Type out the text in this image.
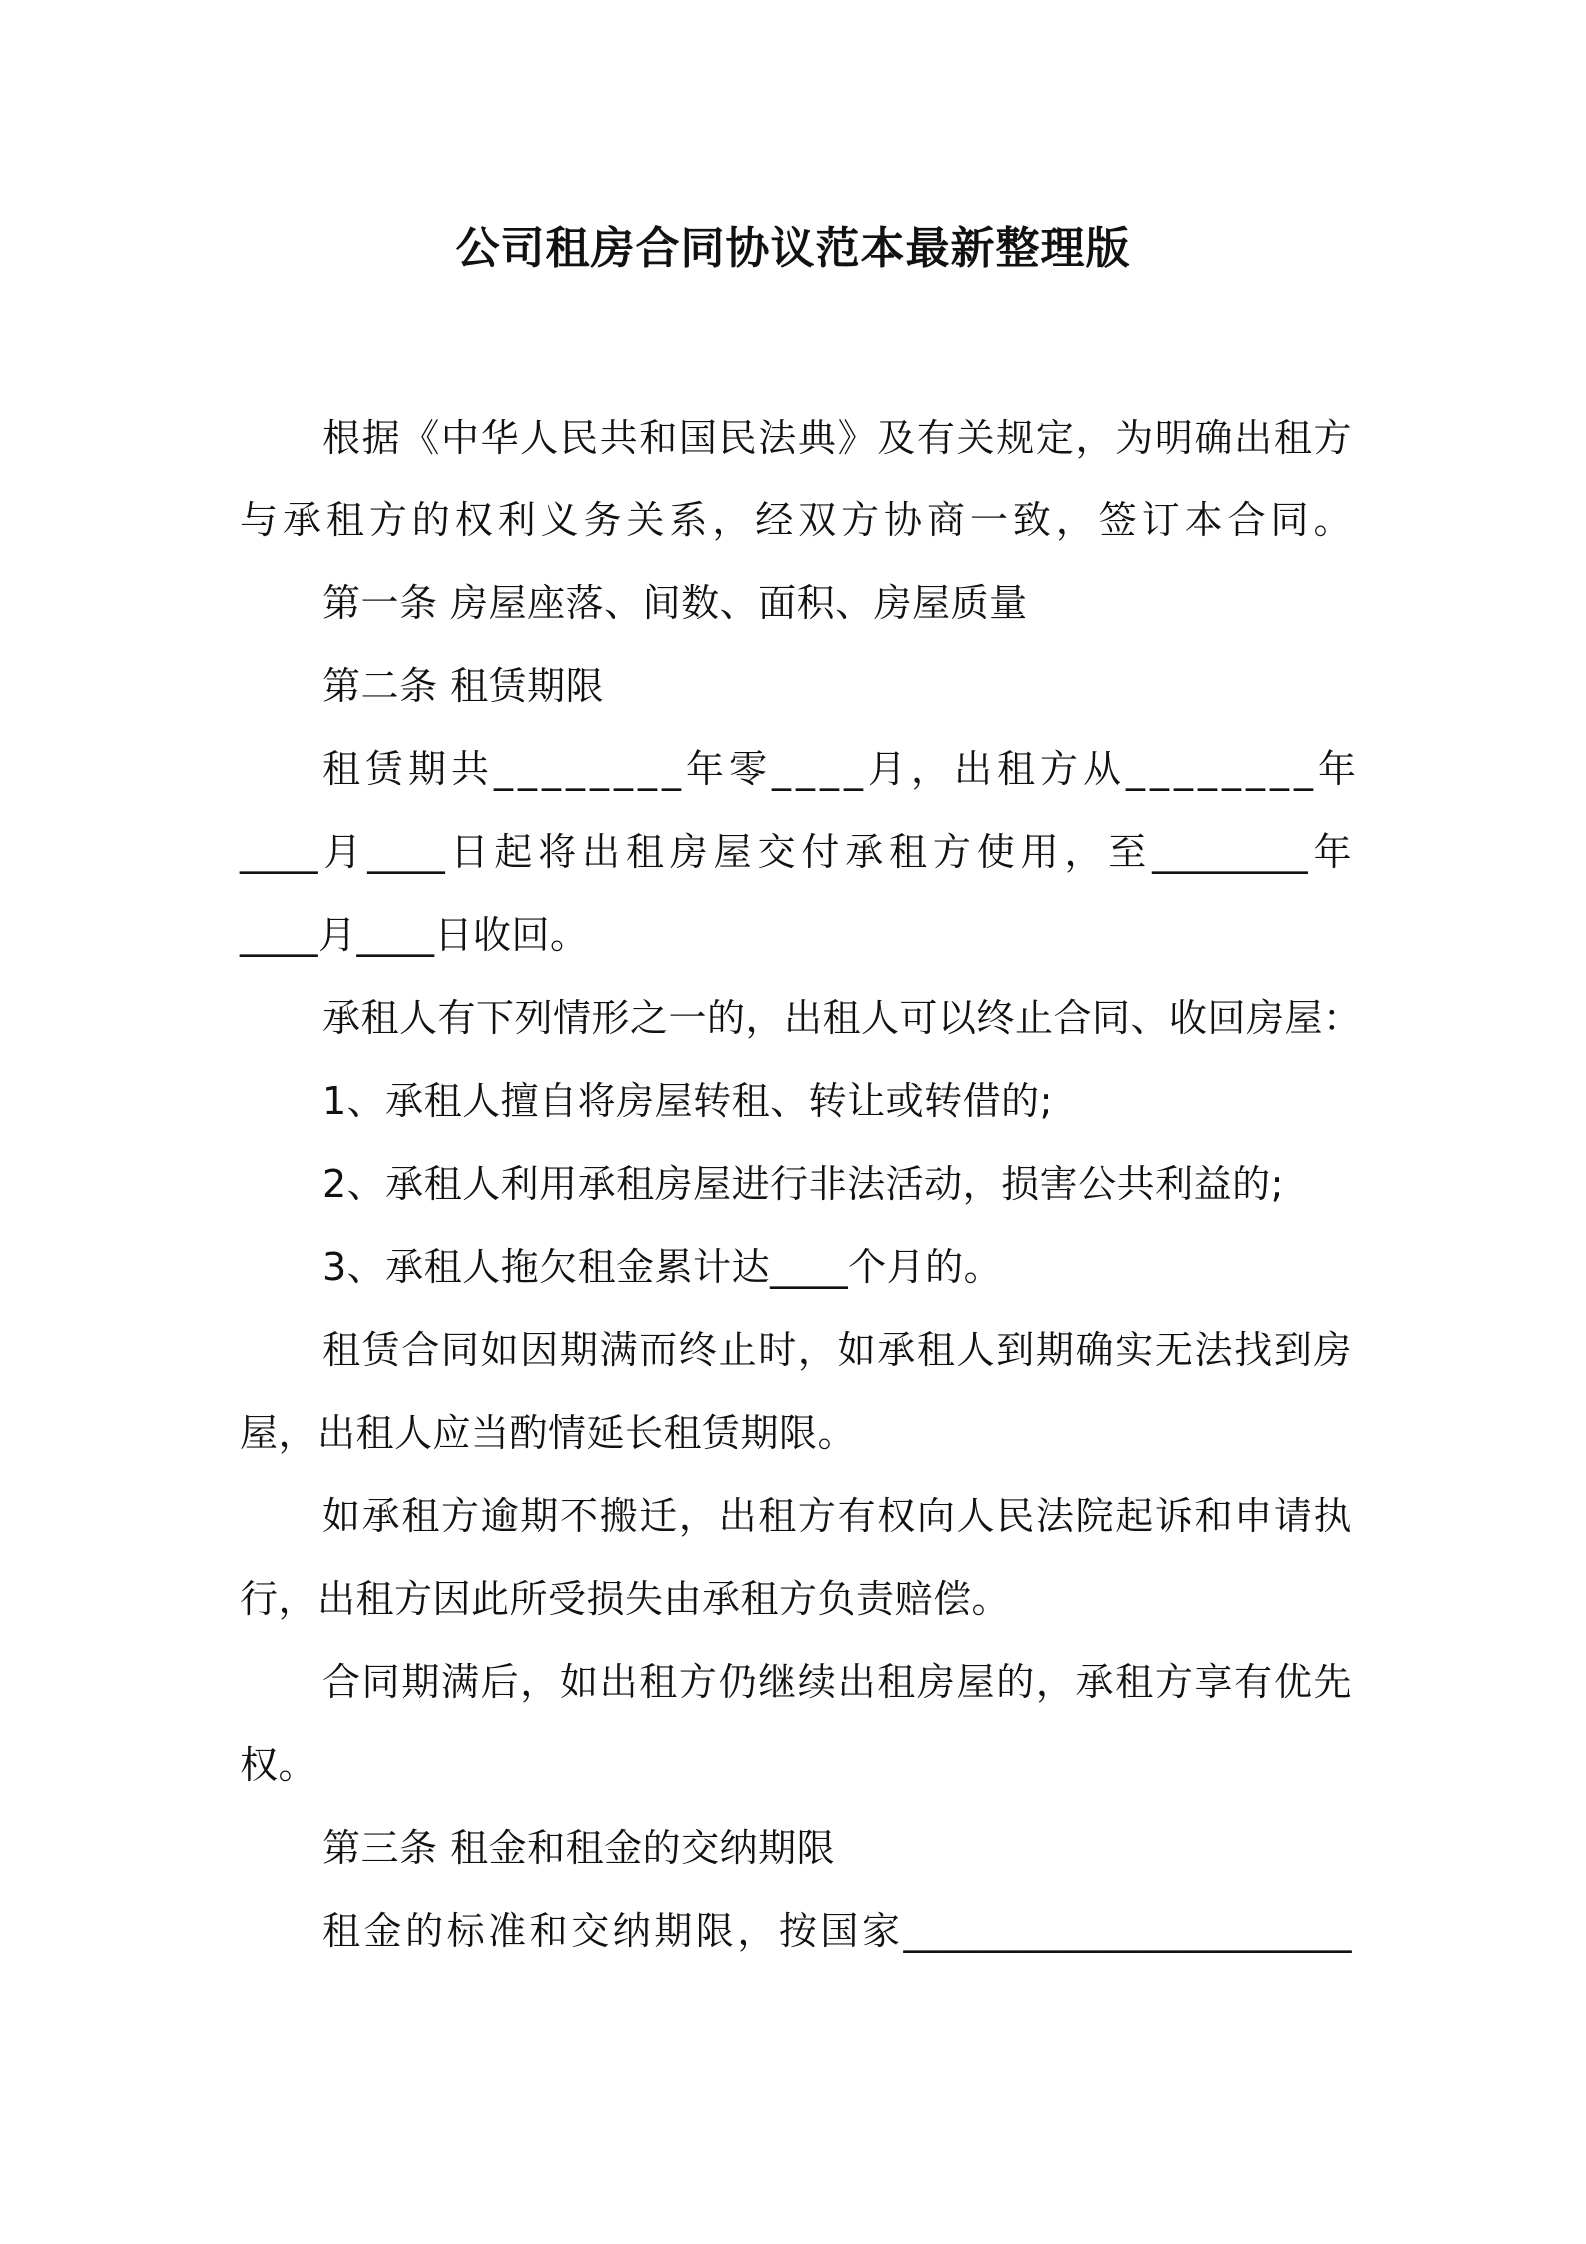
公司租房合同协议范本最新整理版

根据《中华人民共和国民法典》及有关规定，为明确出租方

与承租方的权利义务关系，经双方协商一致，签订本合同。

第一条 房屋座落、间数、面积、房屋质量

第二条 租赁期限

租赁期共________年零____月，出租方从________年

____月____日起将出租房屋交付承租方使用，至________年

____月____日收回。

承租人有下列情形之一的，出租人可以终止合同、收回房屋：

1、承租人擅自将房屋转租、转让或转借的;

2、承租人利用承租房屋进行非法活动，损害公共利益的;

3、承租人拖欠租金累计达____个月的。

租赁合同如因期满而终止时，如承租人到期确实无法找到房

屋，出租人应当酌情延长租赁期限。

如承租方逾期不搬迁，出租方有权向人民法院起诉和申请执

行，出租方因此所受损失由承租方负责赔偿。

合同期满后，如出租方仍继续出租房屋的，承租方享有优先

权。

第三条 租金和租金的交纳期限

租金的标准和交纳期限，按国家_______________________
